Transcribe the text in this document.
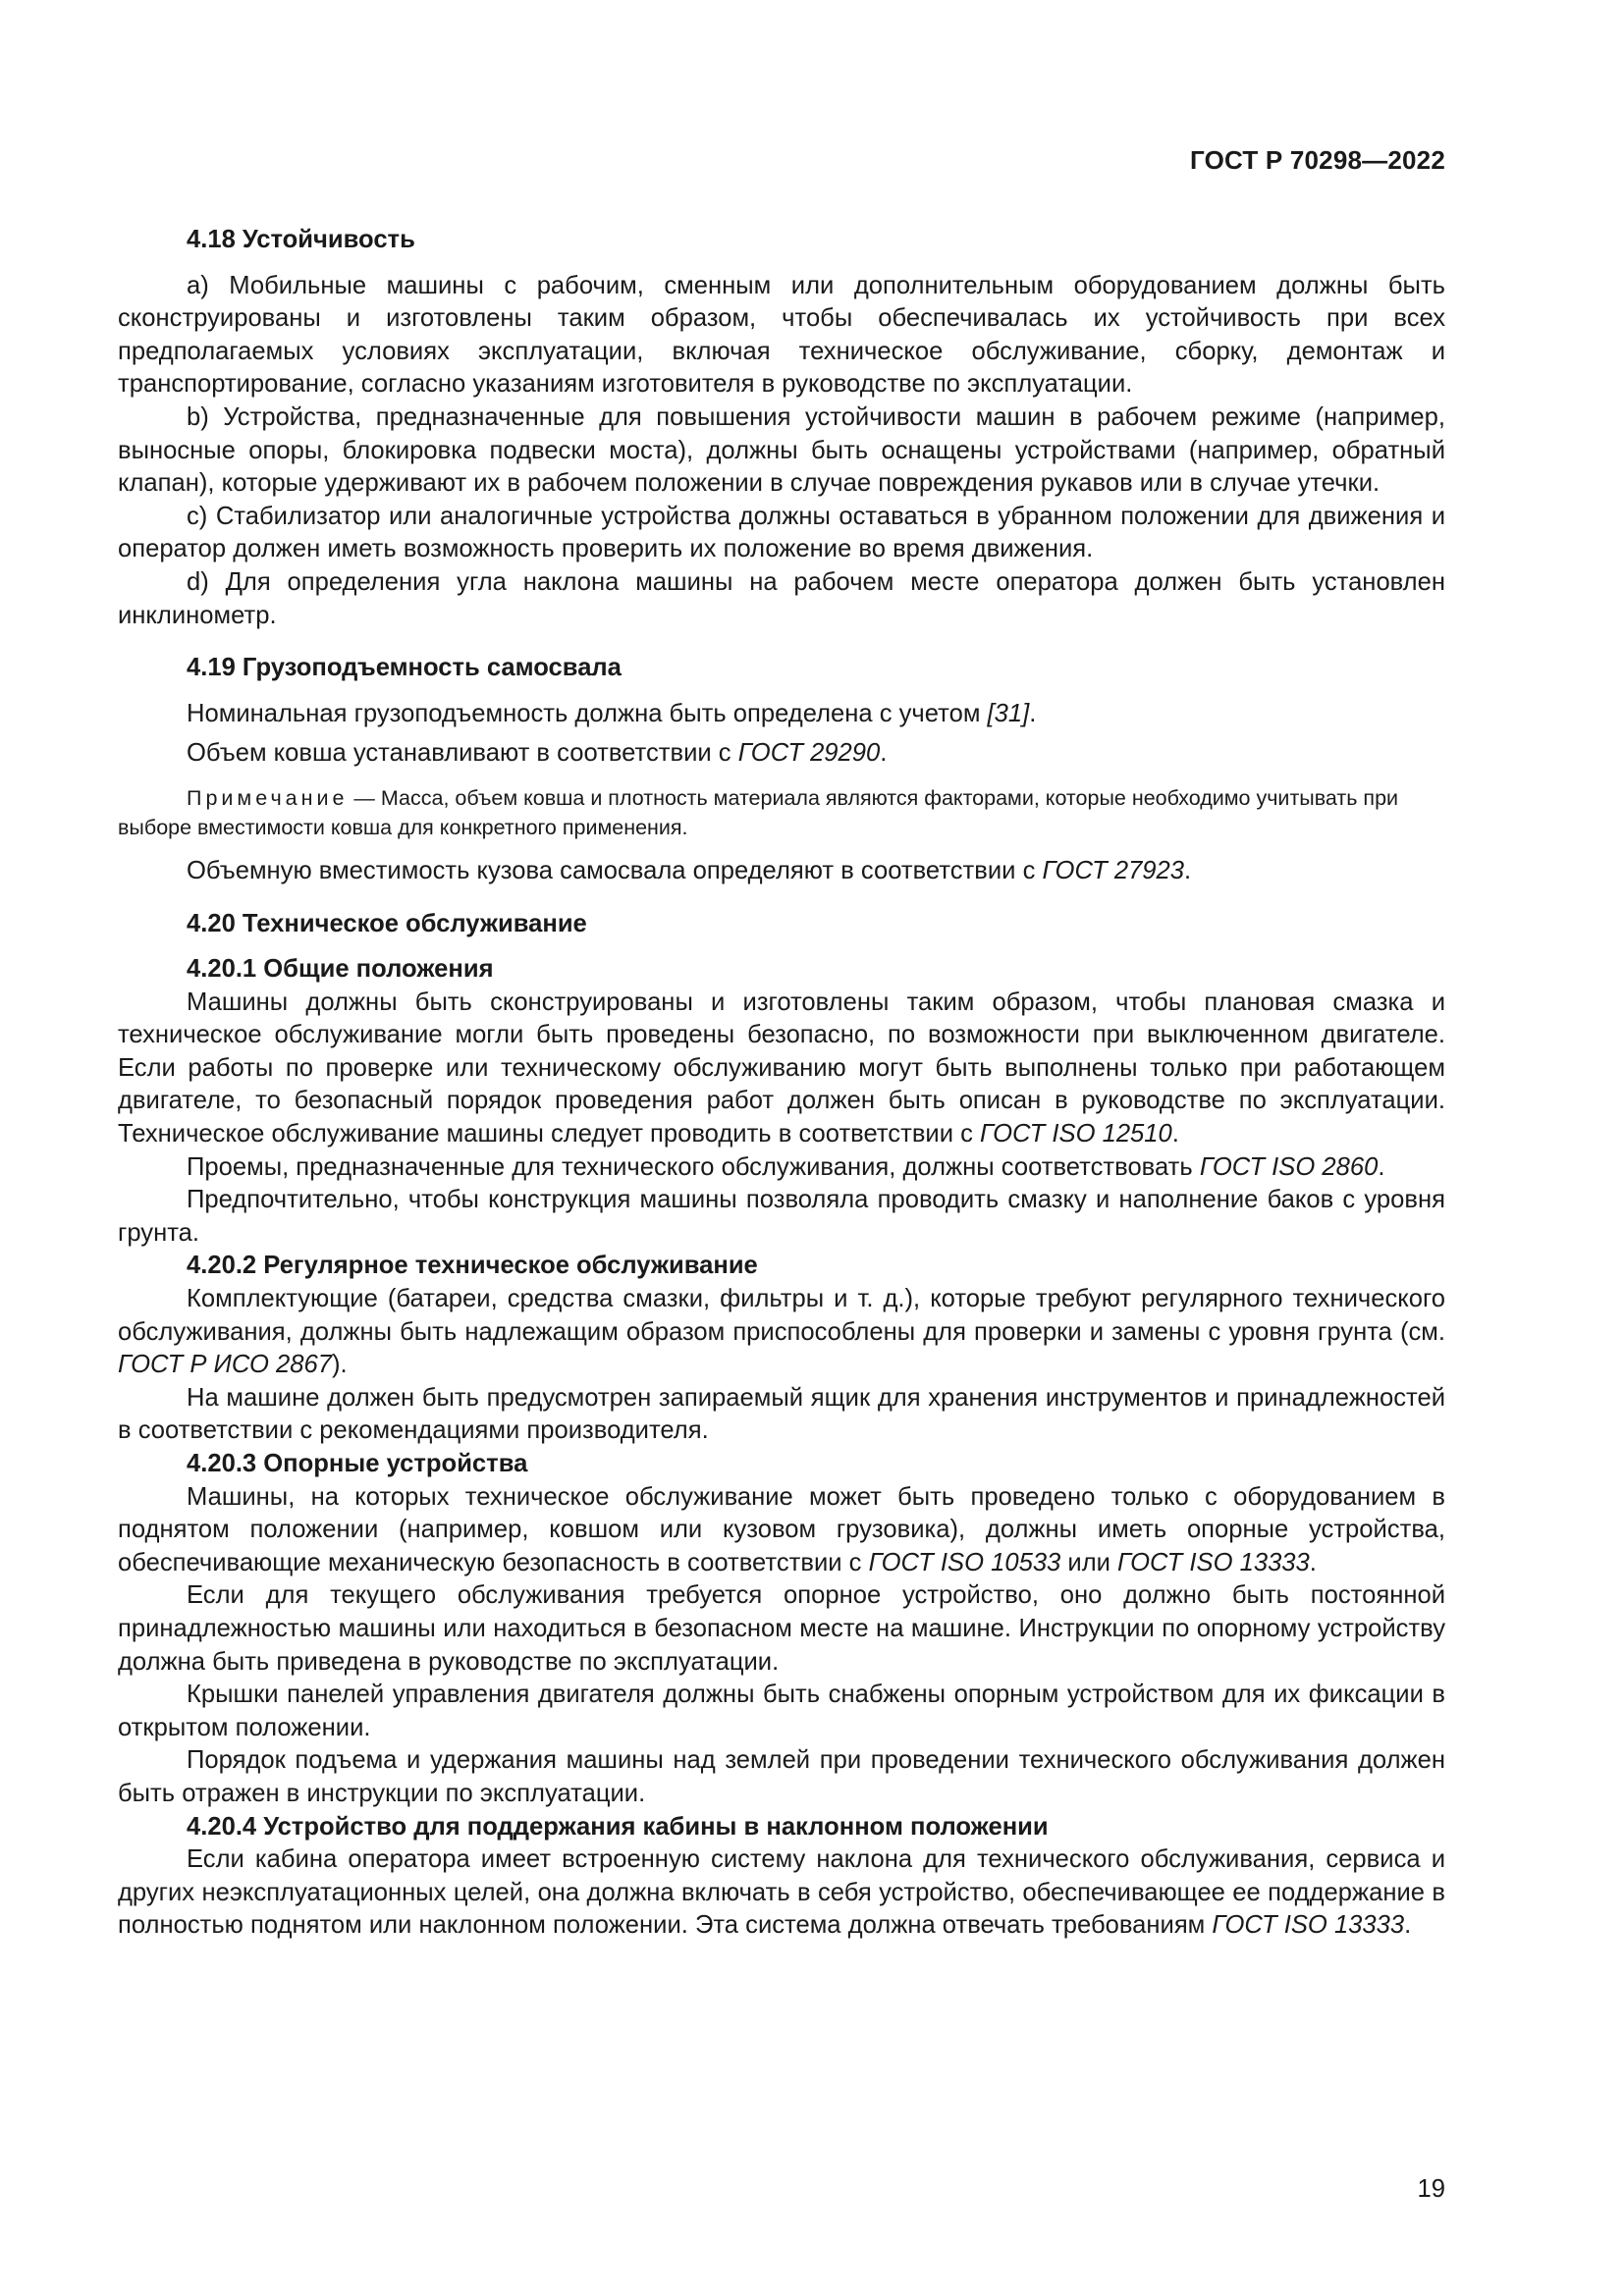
ГОСТ Р 70298—2022
4.18 Устойчивость

a) Мобильные машины с рабочим, сменным или дополнительным оборудованием должны быть сконструированы и изготовлены таким образом, чтобы обеспечивалась их устойчивость при всех предполагаемых условиях эксплуатации, включая техническое обслуживание, сборку, демонтаж и транспортирование, согласно указаниям изготовителя в руководстве по эксплуатации.

b) Устройства, предназначенные для повышения устойчивости машин в рабочем режиме (например, выносные опоры, блокировка подвески моста), должны быть оснащены устройствами (например, обратный клапан), которые удерживают их в рабочем положении в случае повреждения рукавов или в случае утечки.

c) Стабилизатор или аналогичные устройства должны оставаться в убранном положении для движения и оператор должен иметь возможность проверить их положение во время движения.

d) Для определения угла наклона машины на рабочем месте оператора должен быть установлен инклинометр.

4.19 Грузоподъемность самосвала

Номинальная грузоподъемность должна быть определена с учетом [31].

Объем ковша устанавливают в соответствии с ГОСТ 29290.

Примечание — Масса, объем ковша и плотность материала являются факторами, которые необходимо учитывать при выборе вместимости ковша для конкретного применения.

Объемную вместимость кузова самосвала определяют в соответствии с ГОСТ 27923.

4.20 Техническое обслуживание
4.20.1 Общие положения

Машины должны быть сконструированы и изготовлены таким образом, чтобы плановая смазка и техническое обслуживание могли быть проведены безопасно, по возможности при выключенном двигателе. Если работы по проверке или техническому обслуживанию могут быть выполнены только при работающем двигателе, то безопасный порядок проведения работ должен быть описан в руководстве по эксплуатации. Техническое обслуживание машины следует проводить в соответствии с ГОСТ ISO 12510.

Проемы, предназначенные для технического обслуживания, должны соответствовать ГОСТ ISO 2860.

Предпочтительно, чтобы конструкция машины позволяла проводить смазку и наполнение баков с уровня грунта.

4.20.2 Регулярное техническое обслуживание

Комплектующие (батареи, средства смазки, фильтры и т. д.), которые требуют регулярного технического обслуживания, должны быть надлежащим образом приспособлены для проверки и замены с уровня грунта (см. ГОСТ Р ИСО 2867).

На машине должен быть предусмотрен запираемый ящик для хранения инструментов и принадлежностей в соответствии с рекомендациями производителя.

4.20.3 Опорные устройства

Машины, на которых техническое обслуживание может быть проведено только с оборудованием в поднятом положении (например, ковшом или кузовом грузовика), должны иметь опорные устройства, обеспечивающие механическую безопасность в соответствии с ГОСТ ISO 10533 или ГОСТ ISO 13333.

Если для текущего обслуживания требуется опорное устройство, оно должно быть постоянной принадлежностью машины или находиться в безопасном месте на машине. Инструкции по опорному устройству должна быть приведена в руководстве по эксплуатации.

Крышки панелей управления двигателя должны быть снабжены опорным устройством для их фиксации в открытом положении.

Порядок подъема и удержания машины над землей при проведении технического обслуживания должен быть отражен в инструкции по эксплуатации.

4.20.4 Устройство для поддержания кабины в наклонном положении

Если кабина оператора имеет встроенную систему наклона для технического обслуживания, сервиса и других неэксплуатационных целей, она должна включать в себя устройство, обеспечивающее ее поддержание в полностью поднятом или наклонном положении. Эта система должна отвечать требованиям ГОСТ ISO 13333.

19
